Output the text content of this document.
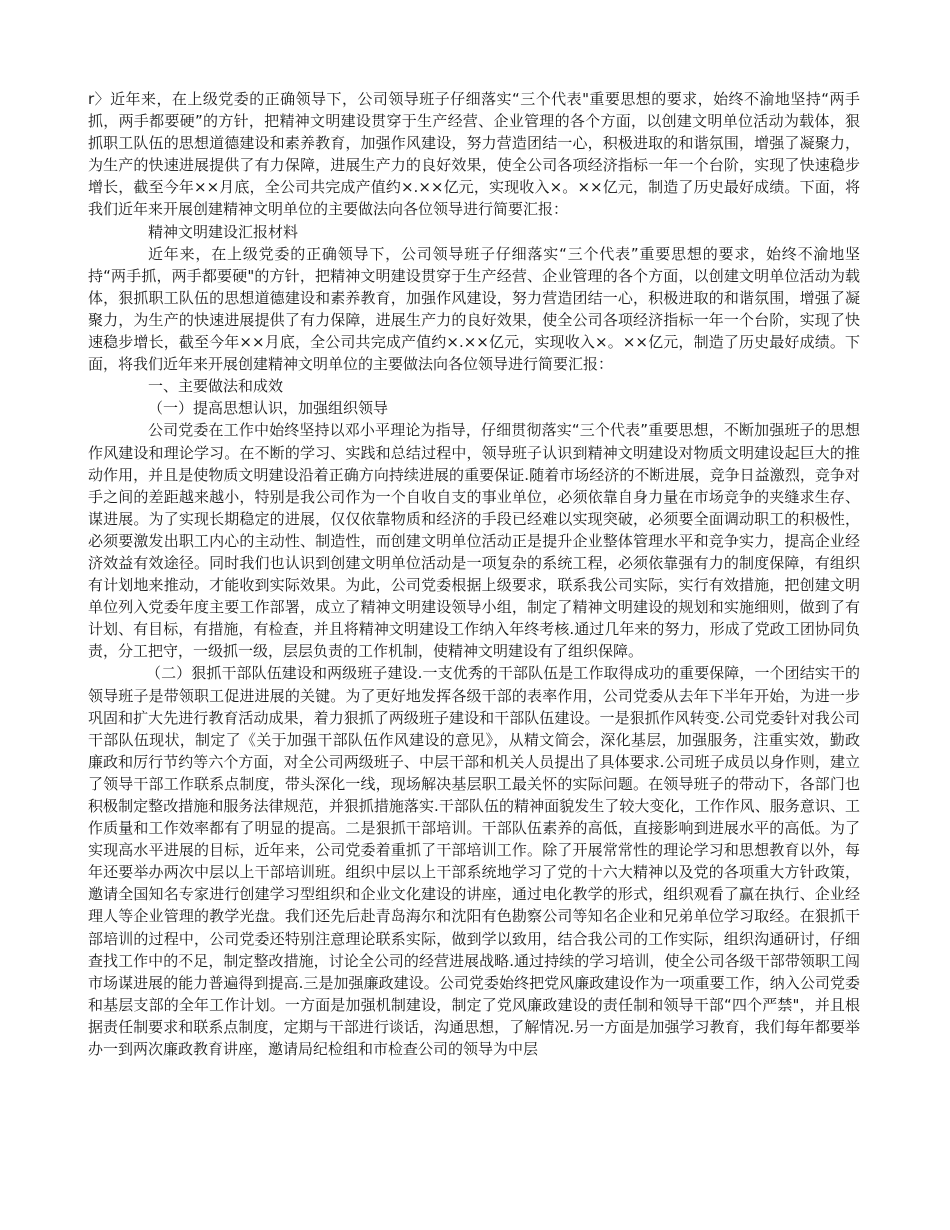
r〉近年来，在上级党委的正确领导下，公司领导班子仔细落实“三个代表"重要思想的要求，始终不渝地坚持“两手抓，两手都要硬”的方针，把精神文明建设贯穿于生产经营、企业管理的各个方面，以创建文明单位活动为载体，狠抓职工队伍的思想道德建设和素养教育，加强作风建设，努力营造团结一心，积极进取的和谐氛围，增强了凝聚力，为生产的快速进展提供了有力保障，进展生产力的良好效果，使全公司各项经济指标一年一个台阶，实现了快速稳步增长，截至今年××月底，全公司共完成产值约×.××亿元，实现收入×。××亿元，制造了历史最好成绩。下面，将我们近年来开展创建精神文明单位的主要做法向各位领导进行简要汇报：

精神文明建设汇报材料

近年来，在上级党委的正确领导下，公司领导班子仔细落实“三个代表”重要思想的要求，始终不渝地坚持“两手抓，两手都要硬"的方针，把精神文明建设贯穿于生产经营、企业管理的各个方面，以创建文明单位活动为载体，狠抓职工队伍的思想道德建设和素养教育，加强作风建设，努力营造团结一心，积极进取的和谐氛围，增强了凝聚力，为生产的快速进展提供了有力保障，进展生产力的良好效果，使全公司各项经济指标一年一个台阶，实现了快速稳步增长，截至今年××月底，全公司共完成产值约×.××亿元，实现收入×。××亿元，制造了历史最好成绩。下面，将我们近年来开展创建精神文明单位的主要做法向各位领导进行简要汇报：

一、主要做法和成效

（一）提高思想认识，加强组织领导

公司党委在工作中始终坚持以邓小平理论为指导，仔细贯彻落实“三个代表”重要思想，不断加强班子的思想作风建设和理论学习。在不断的学习、实践和总结过程中，领导班子认识到精神文明建设对物质文明建设起巨大的推动作用，并且是使物质文明建设沿着正确方向持续进展的重要保证.随着市场经济的不断进展，竞争日益激烈，竞争对手之间的差距越来越小，特别是我公司作为一个自收自支的事业单位，必须依靠自身力量在市场竞争的夹缝求生存、谋进展。为了实现长期稳定的进展，仅仅依靠物质和经济的手段已经难以实现突破，必须要全面调动职工的积极性，必须要激发出职工内心的主动性、制造性，而创建文明单位活动正是提升企业整体管理水平和竞争实力，提高企业经济效益有效途径。同时我们也认识到创建文明单位活动是一项复杂的系统工程，必须依靠强有力的制度保障，有组织有计划地来推动，才能收到实际效果。为此，公司党委根据上级要求，联系我公司实际，实行有效措施，把创建文明单位列入党委年度主要工作部署，成立了精神文明建设领导小组，制定了精神文明建设的规划和实施细则，做到了有计划、有目标，有措施，有检查，并且将精神文明建设工作纳入年终考核.通过几年来的努力，形成了党政工团协同负责，分工把守，一级抓一级，层层负责的工作机制，使精神文明建设有了组织保障。

（二）狠抓干部队伍建设和两级班子建设.一支优秀的干部队伍是工作取得成功的重要保障，一个团结实干的领导班子是带领职工促进进展的关键。为了更好地发挥各级干部的表率作用，公司党委从去年下半年开始，为进一步巩固和扩大先进行教育活动成果，着力狠抓了两级班子建设和干部队伍建设。一是狠抓作风转变.公司党委针对我公司干部队伍现状，制定了《关于加强干部队伍作风建设的意见》，从精文简会，深化基层，加强服务，注重实效，勤政廉政和厉行节约等六个方面，对全公司两级班子、中层干部和机关人员提出了具体要求.公司班子成员以身作则，建立了领导干部工作联系点制度，带头深化一线，现场解决基层职工最关怀的实际问题。在领导班子的带动下，各部门也积极制定整改措施和服务法律规范，并狠抓措施落实.干部队伍的精神面貌发生了较大变化，工作作风、服务意识、工作质量和工作效率都有了明显的提高。二是狠抓干部培训。干部队伍素养的高低，直接影响到进展水平的高低。为了实现高水平进展的目标，近年来，公司党委着重抓了干部培训工作。除了开展常常性的理论学习和思想教育以外，每年还要举办两次中层以上干部培训班。组织中层以上干部系统地学习了党的十六大精神以及党的各项重大方针政策，邀请全国知名专家进行创建学习型组织和企业文化建设的讲座，通过电化教学的形式，组织观看了赢在执行、企业经理人等企业管理的教学光盘。我们还先后赴青岛海尔和沈阳有色勘察公司等知名企业和兄弟单位学习取经。在狠抓干部培训的过程中，公司党委还特别注意理论联系实际，做到学以致用，结合我公司的工作实际，组织沟通研讨，仔细查找工作中的不足，制定整改措施，讨论全公司的经营进展战略.通过持续的学习培训，使全公司各级干部带领职工闯市场谋进展的能力普遍得到提高.三是加强廉政建设。公司党委始终把党风廉政建设作为一项重要工作，纳入公司党委和基层支部的全年工作计划。一方面是加强机制建设，制定了党风廉政建设的责任制和领导干部“四个严禁"，并且根据责任制要求和联系点制度，定期与干部进行谈话，沟通思想，了解情况.另一方面是加强学习教育，我们每年都要举办一到两次廉政教育讲座，邀请局纪检组和市检查公司的领导为中层
